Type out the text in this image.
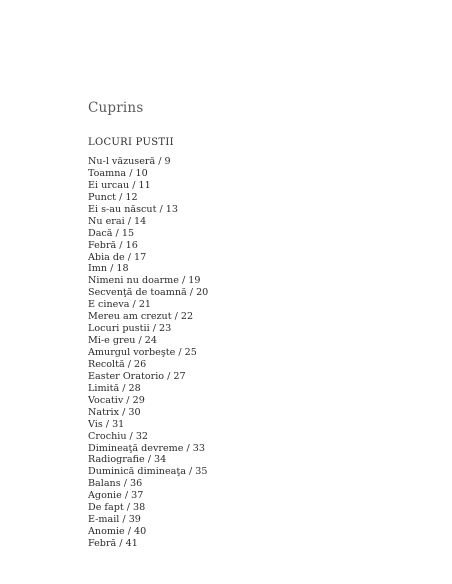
Cuprins
LOCURI PUSTII
Nu-l văzuseră / 9
Toamna / 10
Ei urcau / 11
Punct / 12
Ei s-au născut / 13
Nu erai / 14
Dacă / 15
Febră / 16
Abia de / 17
Imn / 18
Nimeni nu doarme / 19
Secvenţă de toamnă / 20
E cineva / 21
Mereu am crezut / 22
Locuri pustii / 23
Mi-e greu / 24
Amurgul vorbeşte / 25
Recoltă / 26
Easter Oratorio / 27
Limită / 28
Vocativ / 29
Natrix / 30
Vis / 31
Crochiu / 32
Dimineaţă devreme / 33
Radiografie / 34
Duminică dimineaţa / 35
Balans / 36
Agonie / 37
De fapt / 38
E-mail / 39
Anomie / 40
Febră / 41
